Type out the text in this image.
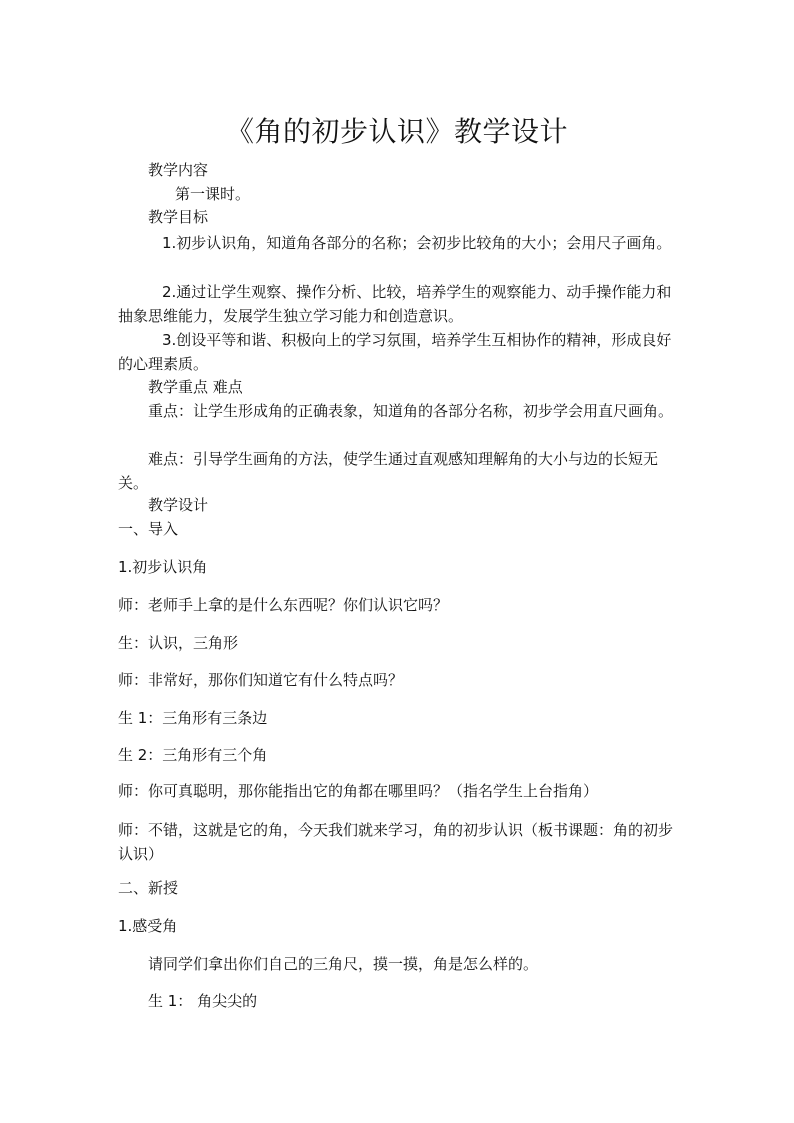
《角的初步认识》教学设计
教学内容
第一课时。
教学目标
1.初步认识角，知道角各部分的名称；会初步比较角的大小；会用尺子画角。
2.通过让学生观察、操作分析、比较，培养学生的观察能力、动手操作能力和抽象思维能力，发展学生独立学习能力和创造意识。
3.创设平等和谐、积极向上的学习氛围，培养学生互相协作的精神，形成良好的心理素质。
教学重点 难点
重点：让学生形成角的正确表象，知道角的各部分名称，初步学会用直尺画角。
难点：引导学生画角的方法，使学生通过直观感知理解角的大小与边的长短无关。
教学设计
一、导入
1.初步认识角
师：老师手上拿的是什么东西呢？你们认识它吗？
生：认识，三角形
师：非常好，那你们知道它有什么特点吗？
生 1：三角形有三条边
生 2：三角形有三个角
师：你可真聪明，那你能指出它的角都在哪里吗？（指名学生上台指角）
师：不错，这就是它的角，今天我们就来学习，角的初步认识（板书课题：角的初步认识）
二、新授
1.感受角
请同学们拿出你们自己的三角尺，摸一摸，角是怎么样的。
生 1： 角尖尖的
